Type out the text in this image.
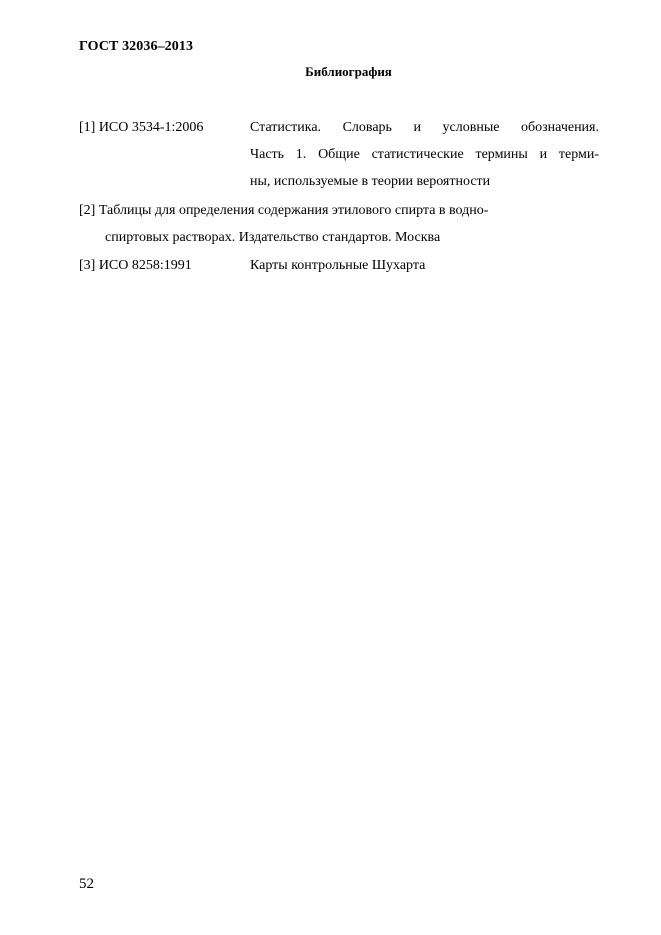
ГОСТ 32036–2013
Библиография
[1] ИСО 3534-1:2006	Статистика. Словарь и условные обозначения.
Часть 1. Общие статистические термины и терми-
ны, используемые в теории вероятности
[2] Таблицы для определения содержания этилового спирта в водно-
спиртовых растворах. Издательство стандартов. Москва
[3] ИСО 8258:1991	Карты контрольные Шухарта
52
